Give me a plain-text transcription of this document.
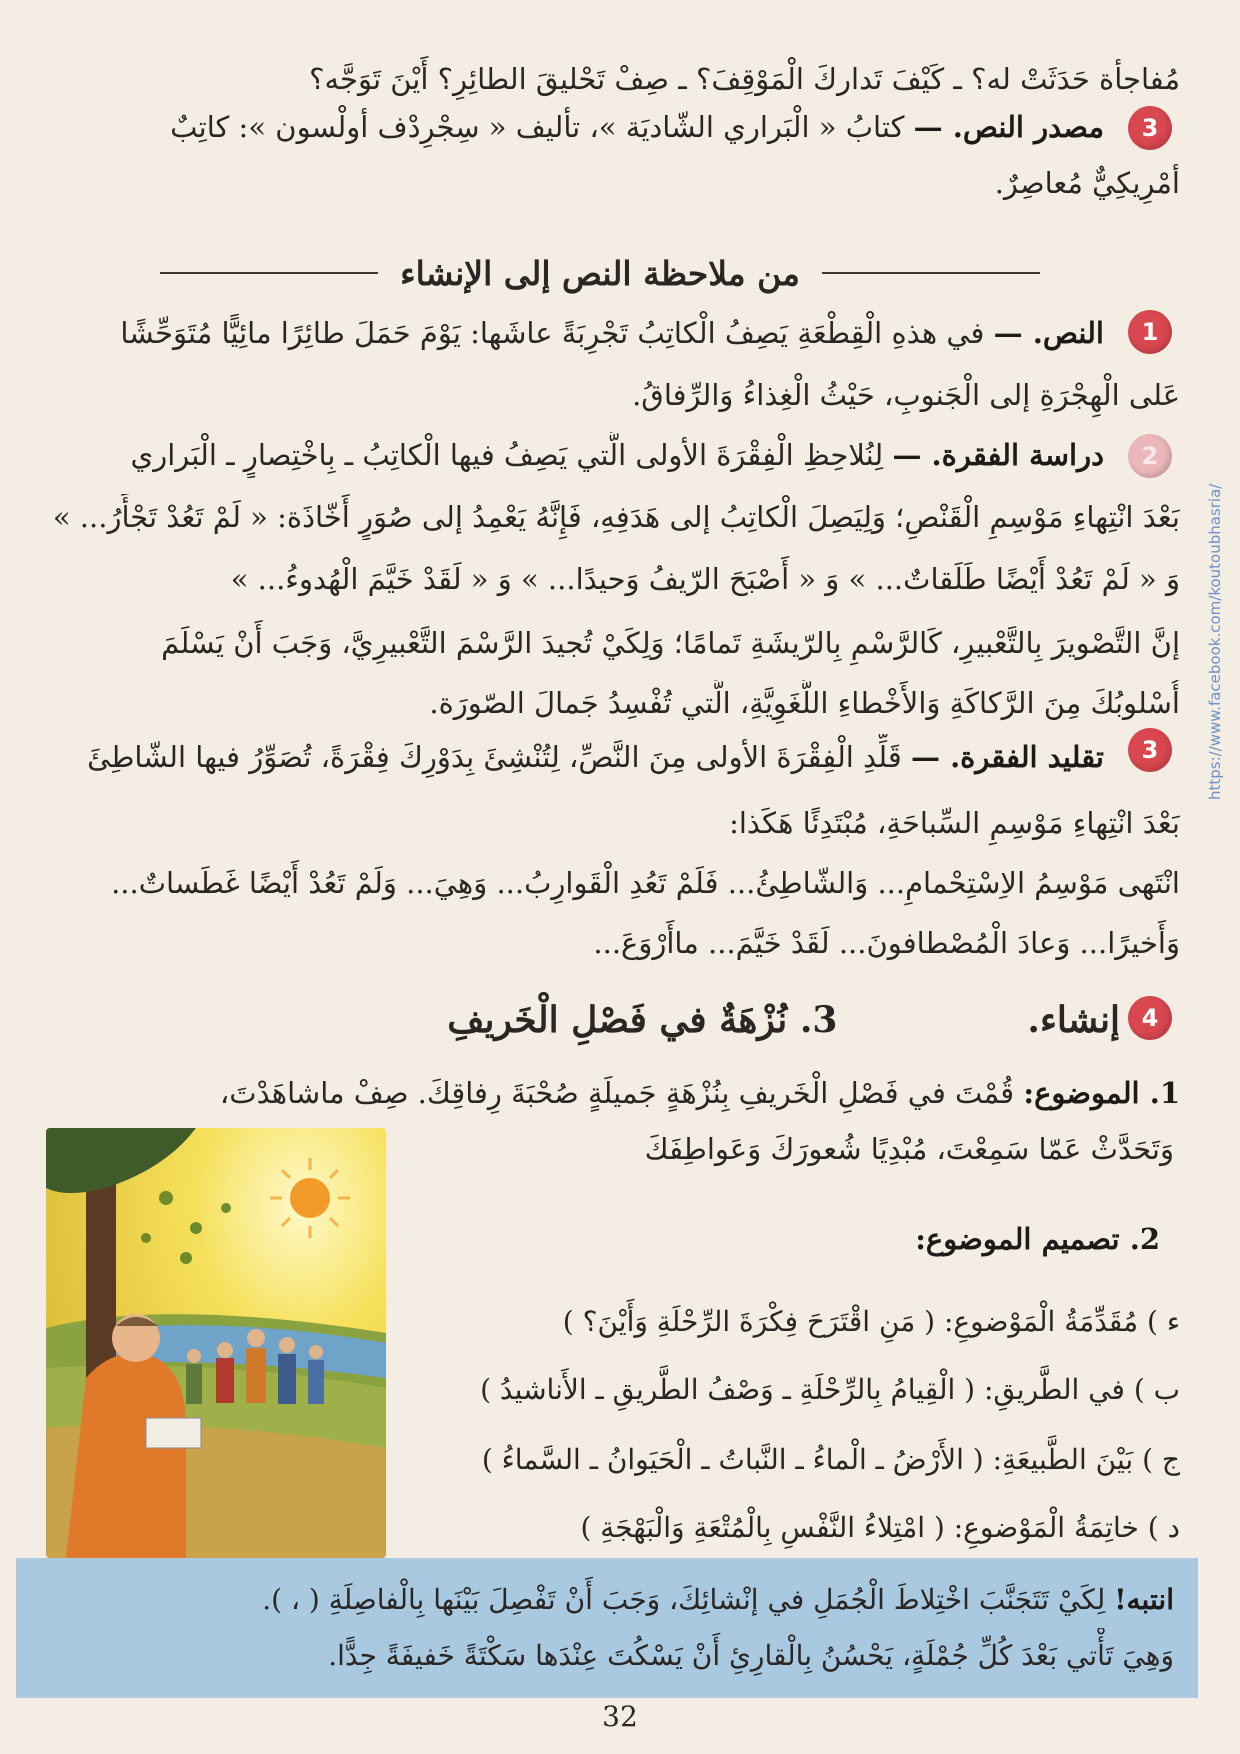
مُفاجأة حَدَثَتْ له؟ ـ كَيْفَ تَداركَ الْمَوْقِفَ؟ ـ صِفْ تَحْليقَ الطائِرِ؟ أَيْنَ تَوَجَّه؟
3
مصدر النص. — كتابُ « الْبَراري الشّاديَة »، تأليف « سِجْرِدْف أولْسون »: كاتِبٌ
أمْرِيكِيٌّ مُعاصِرٌ.
من ملاحظة النص إلى الإنشاء
1
النص. — في هذهِ الْقِطْعَةِ يَصِفُ الْكاتِبُ تَجْرِبَةً عاشَها: يَوْمَ حَمَلَ طائِرًا مائِيًّا مُتَوَحِّشًا
عَلى الْهِجْرَةِ إلى الْجَنوبِ، حَيْثُ الْغِذاءُ وَالرِّفاقُ.
2
دراسة الفقرة. — لِنُلاحِظِ الْفِقْرَةَ الأولى الَّتي يَصِفُ فيها الْكاتِبُ ـ بِاخْتِصارٍ ـ الْبَراري
بَعْدَ انْتِهاءِ مَوْسِمِ الْقَنْصِ؛ وَلِيَصِلَ الْكاتِبُ إلى هَدَفِهِ، فَإِنَّهُ يَعْمِدُ إلى صُوَرٍ أَخّاذَة: « لَمْ تَعُدْ تَجْأَرُ... »
وَ « لَمْ تَعُدْ أَيْضًا طَلَقاتٌ... » وَ « أَصْبَحَ الرّيفُ وَحيدًا... » وَ « لَقَدْ خَيَّمَ الْهُدوءُ... »
إنَّ التَّصْويرَ بِالتَّعْبيرِ، كَالرَّسْمِ بِالرّيشَةِ تَمامًا؛ وَلِكَيْ تُجيدَ الرَّسْمَ التَّعْبيرِيَّ، وَجَبَ أَنْ يَسْلَمَ
أُسْلوبُكَ مِنَ الرَّكاكَةِ وَالأَخْطاءِ اللُّغَوِيَّةِ، الَّتي تُفْسِدُ جَمالَ الصّورَة.
3
تقليد الفقرة. — قَلِّدِ الْفِقْرَةَ الأولى مِنَ النَّصِّ، لِتُنْشِئَ بِدَوْرِكَ فِقْرَةً، تُصَوِّرُ فيها الشّاطِئَ
بَعْدَ انْتِهاءِ مَوْسِمِ السِّباحَةِ، مُبْتَدِئًا هَكَذا:
انْتَهى مَوْسِمُ الاِسْتِحْمامِ... وَالشّاطِئُ... فَلَمْ تَعُدِ الْقَوارِبُ... وَهِيَ... وَلَمْ تَعُدْ أَيْضًا غَطَساتٌ...
وَأَخيرًا... وَعادَ الْمُصْطافونَ... لَقَدْ خَيَّمَ... ماأَرْوَعَ...
4
إنشاء.
3. نُزْهَةٌ في فَصْلِ الْخَريفِ
1. الموضوع: قُمْتَ في فَصْلِ الْخَريفِ بِنُزْهَةٍ جَميلَةٍ صُحْبَةَ رِفاقِكَ. صِفْ ماشاهَدْتَ،
وَتَحَدَّثْ عَمّا سَمِعْتَ، مُبْدِيًا شُعورَكَ وَعَواطِفَكَ
2. تصميم الموضوع:
ء ) مُقَدِّمَةُ الْمَوْضوعِ: ( مَنِ اقْتَرَحَ فِكْرَةَ الرِّحْلَةِ وَأَيْنَ؟ )
ب ) في الطَّريقِ: ( الْقِيامُ بِالرِّحْلَةِ ـ وَصْفُ الطَّريقِ ـ الأَناشيدُ )
ج ) بَيْنَ الطَّبيعَةِ: ( الأَرْضُ ـ الْماءُ ـ النَّباتُ ـ الْحَيَوانُ ـ السَّماءُ )
د ) خاتِمَةُ الْمَوْضوعِ: ( امْتِلاءُ النَّفْسِ بِالْمُتْعَةِ وَالْبَهْجَةِ )
انتبه! لِكَيْ تَتَجَنَّبَ اخْتِلاطَ الْجُمَلِ في إنْشائِكَ، وَجَبَ أَنْ تَفْصِلَ بَيْنَها بِالْفاصِلَةِ ( ، ).
وَهِيَ تَأْتي بَعْدَ كُلِّ جُمْلَةٍ، يَحْسُنُ بِالْقارِئِ أَنْ يَسْكُتَ عِنْدَها سَكْتَةً خَفيفَةً جِدًّا.
32
https://www.facebook.com/koutoubhasria/
